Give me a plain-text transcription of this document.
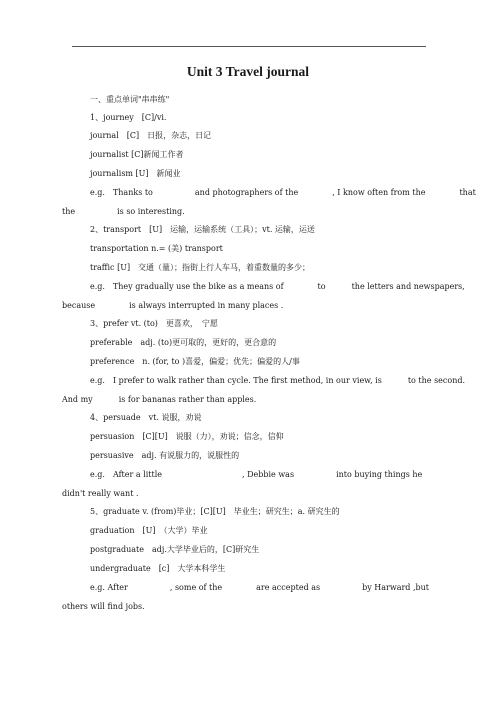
Unit 3 Travel journal
一、重点单词"串串练"
1、journey　[C]/vi.
journal　[C]　日报，杂志，日记
journalist [C]新闻工作者
journalism [U]　新闻业
e.g.　Thanks to	and photographers of the	, I know often from the	that
the	is so interesting.
2、transport　[U]　运输，运输系统（工具）；vt. 运输，运送
transportation n.= (美) transport
traffic [U]　交通（量）；指街上行人车马，着重数量的多少；
e.g.　They gradually use the bike as a means of	to	the letters and newspapers,
because	is always interrupted in many places .
3、prefer vt. (to)　更喜欢，　宁愿
preferable　adj. (to)更可取的，更好的，更合意的
preference　n. (for, to )喜爱，偏爱；优先；偏爱的人/事
e.g.　I prefer to walk rather than cycle. The first method, in our view, is	to the second.
And my	is for bananas rather than apples.
4、persuade　vt. 说服，劝说
persuasion　[C][U]　说服（力），劝说；信念，信仰
persuasive　adj. 有说服力的，说服性的
e.g.　After a little	, Debbie was	into buying things he
didn't really want .
5、graduate v. (from)毕业；[C][U]　毕业生；研究生；a. 研究生的
graduation　[U]　（大学）毕业
postgraduate　adj.大学毕业后的，[C]研究生
undergraduate　[c]　大学本科学生
e.g. After	, some of the	are accepted as	by Harward ,but
others will find jobs.
